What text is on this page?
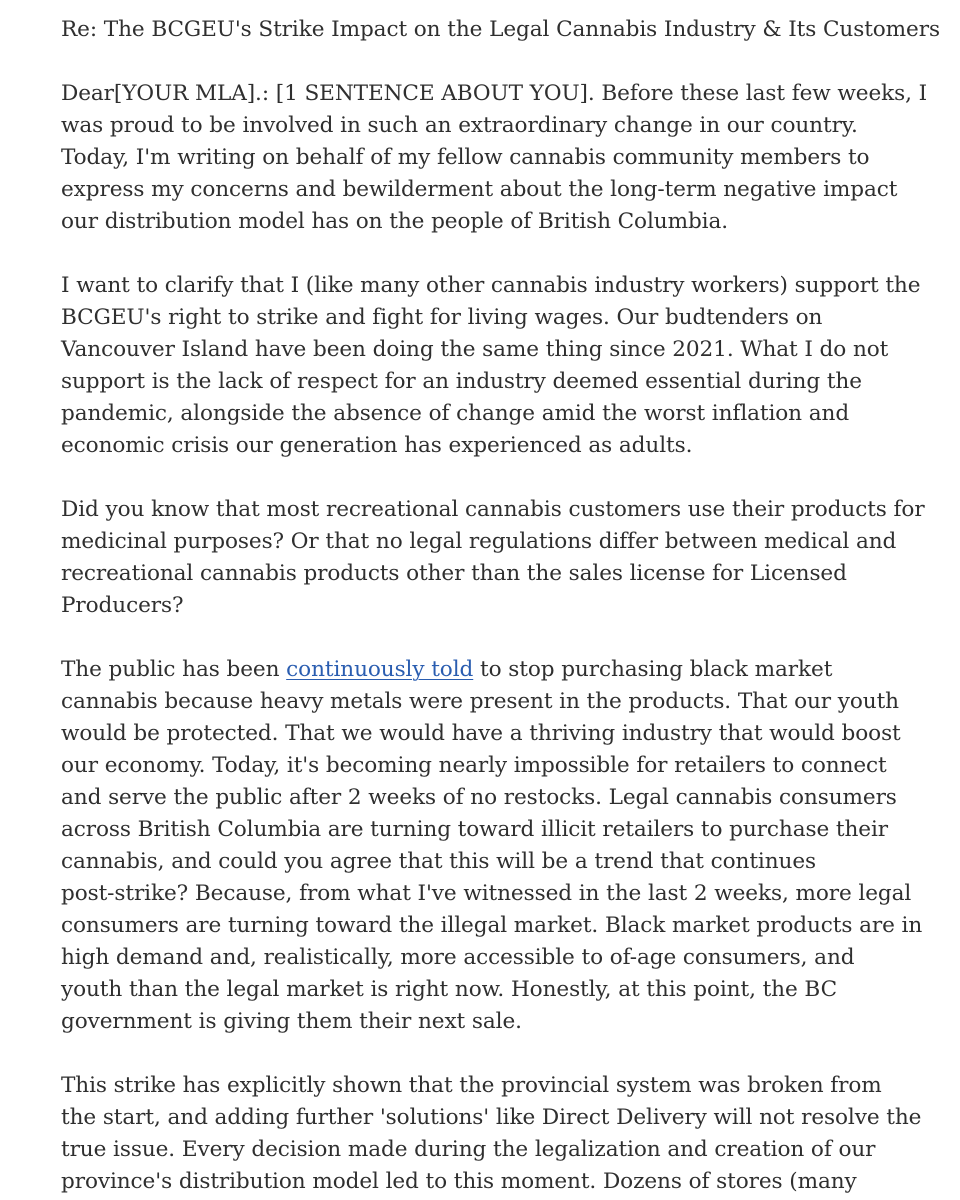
Re: The BCGEU's Strike Impact on the Legal Cannabis Industry & Its Customers
Dear[YOUR MLA].: [1 SENTENCE ABOUT YOU]. Before these last few weeks, I
was proud to be involved in such an extraordinary change in our country.
Today, I'm writing on behalf of my fellow cannabis community members to
express my concerns and bewilderment about the long-term negative impact
our distribution model has on the people of British Columbia.
I want to clarify that I (like many other cannabis industry workers) support the
BCGEU's right to strike and fight for living wages. Our budtenders on
Vancouver Island have been doing the same thing since 2021. What I do not
support is the lack of respect for an industry deemed essential during the
pandemic, alongside the absence of change amid the worst inflation and
economic crisis our generation has experienced as adults.
Did you know that most recreational cannabis customers use their products for
medicinal purposes? Or that no legal regulations differ between medical and
recreational cannabis products other than the sales license for Licensed
Producers?
The public has been continuously told to stop purchasing black market
cannabis because heavy metals were present in the products. That our youth
would be protected. That we would have a thriving industry that would boost
our economy. Today, it's becoming nearly impossible for retailers to connect
and serve the public after 2 weeks of no restocks. Legal cannabis consumers
across British Columbia are turning toward illicit retailers to purchase their
cannabis, and could you agree that this will be a trend that continues
post-strike? Because, from what I've witnessed in the last 2 weeks, more legal
consumers are turning toward the illegal market. Black market products are in
high demand and, realistically, more accessible to of-age consumers, and
youth than the legal market is right now. Honestly, at this point, the BC
government is giving them their next sale.
This strike has explicitly shown that the provincial system was broken from
the start, and adding further 'solutions' like Direct Delivery will not resolve the
true issue. Every decision made during the legalization and creation of our
province's distribution model led to this moment. Dozens of stores (many
